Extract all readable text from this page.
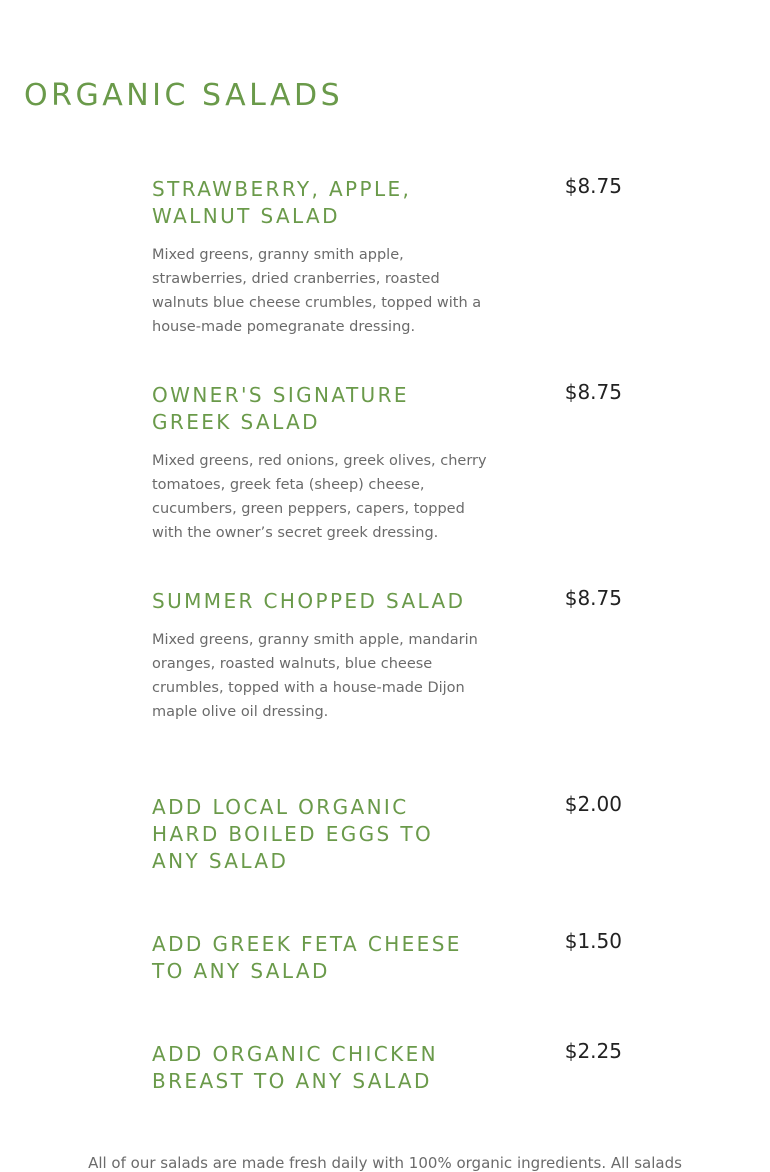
ORGANIC SALADS
STRAWBERRY, APPLE, WALNUT SALAD
$8.75

Mixed greens, granny smith apple, strawberries, dried cranberries, roasted walnuts blue cheese crumbles, topped with a house-made pomegranate dressing.

OWNER'S SIGNATURE GREEK SALAD
$8.75

Mixed greens, red onions, greek olives, cherry tomatoes, greek feta (sheep) cheese, cucumbers, green peppers, capers, topped with the owner’s secret greek dressing.

SUMMER CHOPPED SALAD	$8.75

Mixed greens, granny smith apple, mandarin oranges, roasted walnuts, blue cheese crumbles, topped with a house-made Dijon maple olive oil dressing.

ADD LOCAL ORGANIC HARD BOILED EGGS TO ANY SALAD
$2.00
ADD GREEK FETA CHEESE TO ANY SALAD
$1.50
ADD ORGANIC CHICKEN BREAST TO ANY SALAD
$2.25

All of our salads are made fresh daily with 100% organic ingredients. All salads
